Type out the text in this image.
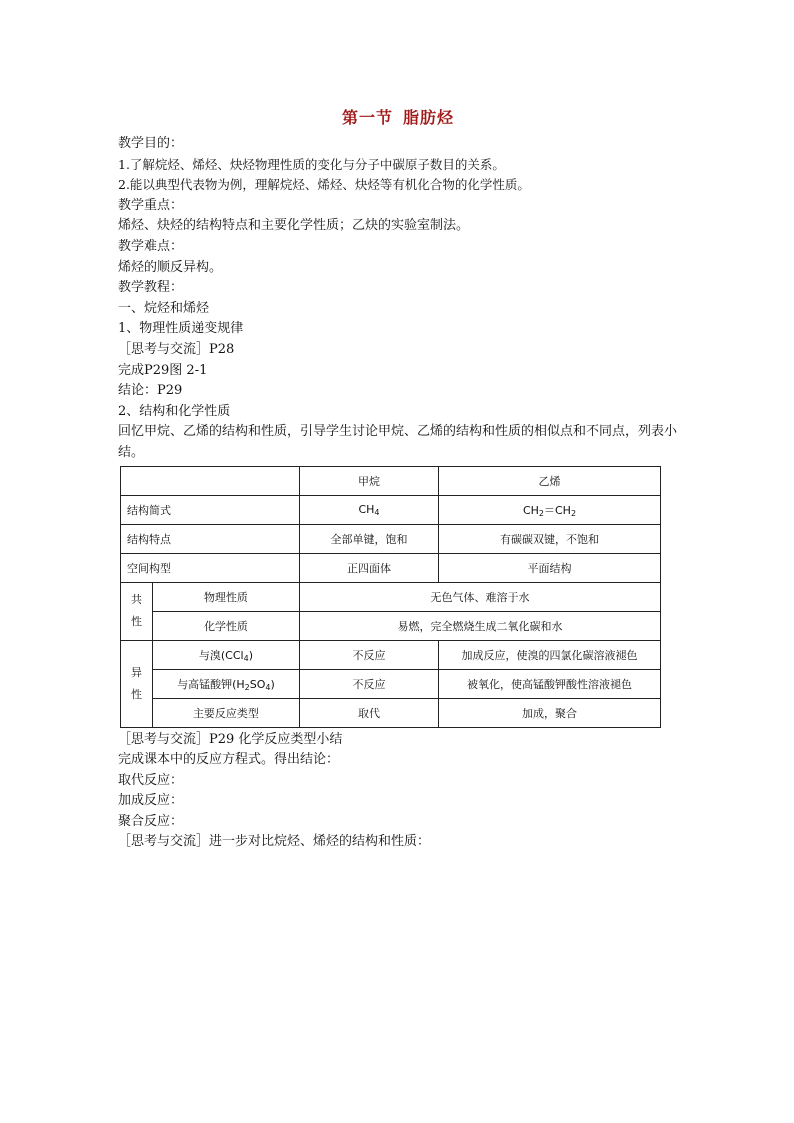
第一节 脂肪烃
教学目的：
1.了解烷烃、烯烃、炔烃物理性质的变化与分子中碳原子数目的关系。
2.能以典型代表物为例，理解烷烃、烯烃、炔烃等有机化合物的化学性质。
教学重点：
烯烃、炔烃的结构特点和主要化学性质；乙炔的实验室制法。
教学难点：
烯烃的顺反异构。
教学教程：
一、烷烃和烯烃
1、物理性质递变规律
［思考与交流］P28
完成P29图 2-1
结论：P29
2、结构和化学性质
回忆甲烷、乙烯的结构和性质，引导学生讨论甲烷、乙烯的结构和性质的相似点和不同点，列表小结。
		甲烷	乙烯
结构简式		$CH_4$	$CH_2=CH_2$
结构特点		全部单键，饱和	有碳碳双键，不饱和
空间构型		正四面体	平面结构

共
性	物理性质	无色气体、难溶于水	
	化学性质	易燃，完全燃烧生成二氧化碳和水	

异
性	与溴(CCl$_4$)	不反应	加成反应，使溴的四氯化碳溶液褪色
	与高锰酸钾$(H_2SO_4)$	不反应	被氧化，使高锰酸钾酸性溶液褪色
	主要反应类型	取代	加成，聚合
［思考与交流］P29 化学反应类型小结
完成课本中的反应方程式。得出结论：
取代反应：
加成反应：
聚合反应：
［思考与交流］进一步对比烷烃、烯烃的结构和性质：
